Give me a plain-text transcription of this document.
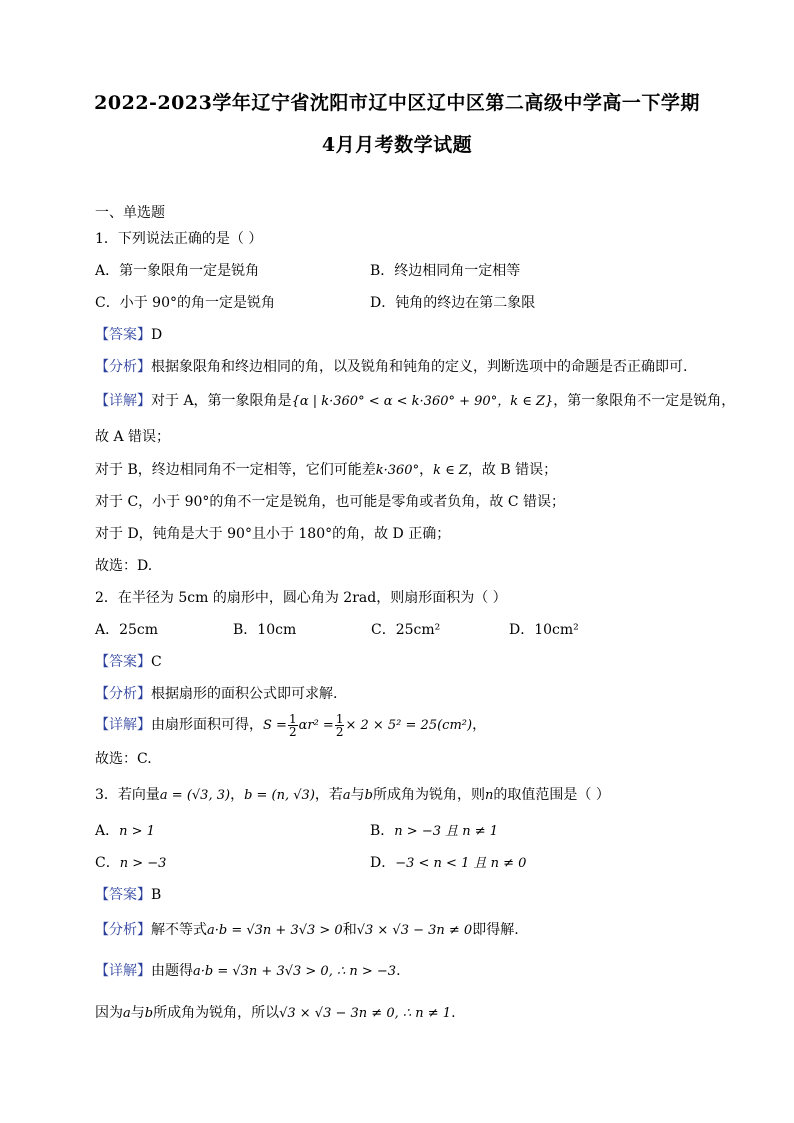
2022-2023学年辽宁省沈阳市辽中区辽中区第二高级中学高一下学期
4月月考数学试题
一、单选题
1．下列说法正确的是（ ）
A．第一象限角一定是锐角	B．终边相同角一定相等
C．小于 90°的角一定是锐角	D．钝角的终边在第二象限
【答案】D
【分析】根据象限角和终边相同的角，以及锐角和钝角的定义，判断选项中的命题是否正确即可.
【详解】对于 A，第一象限角是{α | k·360° < α < k·360° + 90°，k ∈ Z}，第一象限角不一定是锐角，
故 A 错误；
对于 B，终边相同角不一定相等，它们可能差k·360°，k ∈ Z，故 B 错误；
对于 C，小于 90°的角不一定是锐角，也可能是零角或者负角，故 C 错误；
对于 D，钝角是大于 90°且小于 180°的角，故 D 正确；
故选：D.
2．在半径为 5cm 的扇形中，圆心角为 2rad，则扇形面积为（ ）
A．25cm	B．10cm	C．25cm²	D．10cm²
【答案】C
【分析】根据扇形的面积公式即可求解.
【详解】由扇形面积可得，$S = \frac{1}{2} \alpha r^2 = \frac{1}{2} \times 2 \times 5^2 = 25(cm^2)$，
故选：C.
3．若向量a = (√3, 3)，b = (n, √3)，若a与b所成角为锐角，则n的取值范围是（ ）
A．n > 1	B．n > −3 且 n ≠ 1
C．n > −3	D．−3 < n < 1 且 n ≠ 0
【答案】B
【分析】解不等式a·b = √3n + 3√3 > 0和√3 × √3 − 3n ≠ 0即得解.
【详解】由题得a·b = √3n + 3√3 > 0, ∴ n > −3.
因为a与b所成角为锐角，所以√3 × √3 − 3n ≠ 0, ∴ n ≠ 1.
